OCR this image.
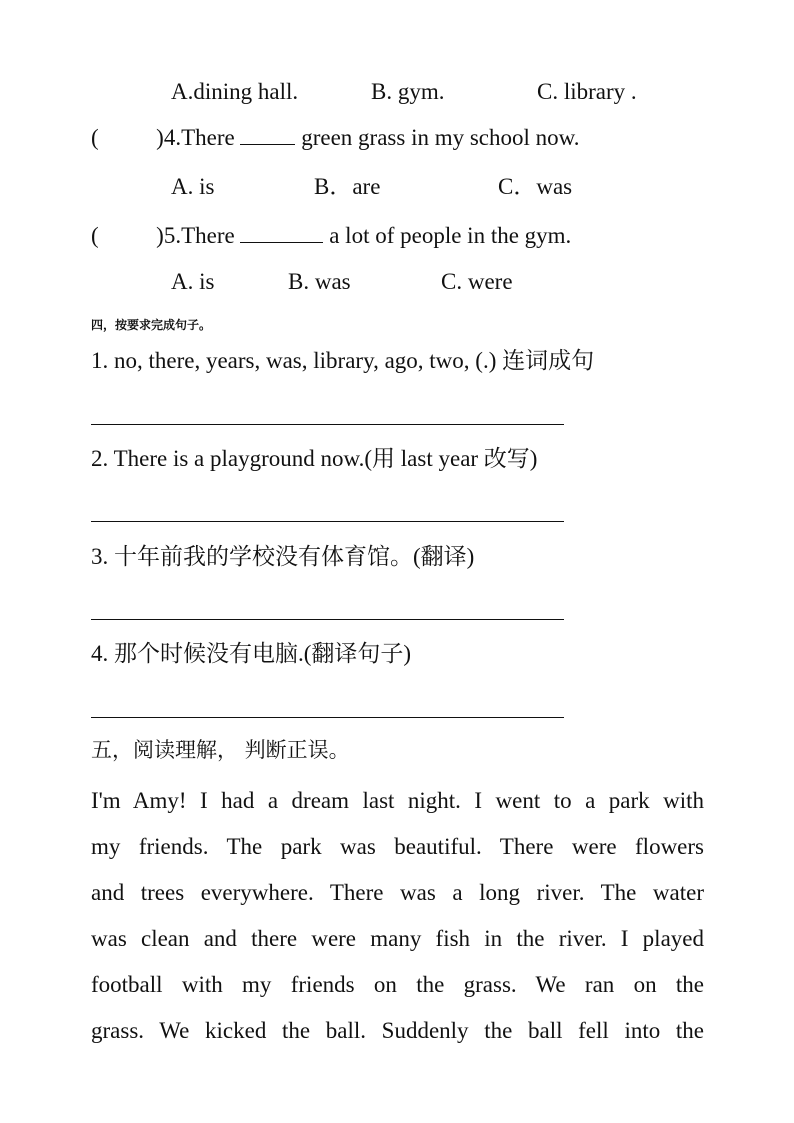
A.dining hall.	B. gym.	C. library .
(          )4.There  green grass in my school now.
A. is	B．are	C．was
(          )5.There	a lot of people in the gym.
A. is	B. was	C. were
四，按要求完成句子。
1. no, there, years, was, library, ago, two, (.) 连词成句
2. There is a playground now.(用 last year 改写)
3. 十年前我的学校没有体育馆。(翻译)
4. 那个时候没有电脑.(翻译句子)
五，阅读理解， 判断正误。
I'm Amy! I had a dream last night. I went to a park with
my friends. The park was beautiful. There were flowers
and trees everywhere. There was a long river. The water
was clean and there were many fish in the river. I played
football with my friends on the grass. We ran on the
grass. We kicked the ball. Suddenly the ball fell into the
